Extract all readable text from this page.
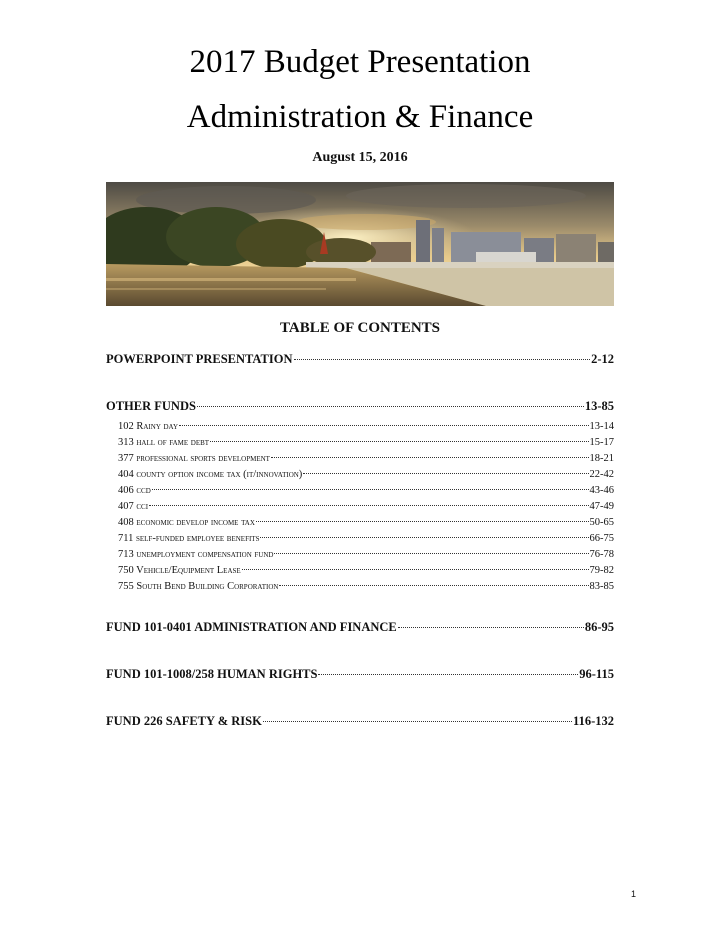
2017 Budget Presentation
Administration & Finance
August 15, 2016
TABLE OF CONTENTS
POWERPOINT PRESENTATION	2-12
OTHER FUNDS	13-85
102 Rainy day	13-14
313 hall of fame debt	15-17
377 professional sports development	18-21
404 county option income tax (it/innovation)	22-42
406 ccd	43-46
407 cci	47-49
408 economic develop income tax	50-65
711 self-funded employee benefits	66-75
713 unemployment compensation fund	76-78
750 Vehicle/Equipment Lease	79-82
755 South Bend Building Corporation	83-85
FUND 101-0401 ADMINISTRATION AND FINANCE	86-95
FUND 101-1008/258 HUMAN RIGHTS	96-115
FUND 226 SAFETY & RISK	116-132
1
